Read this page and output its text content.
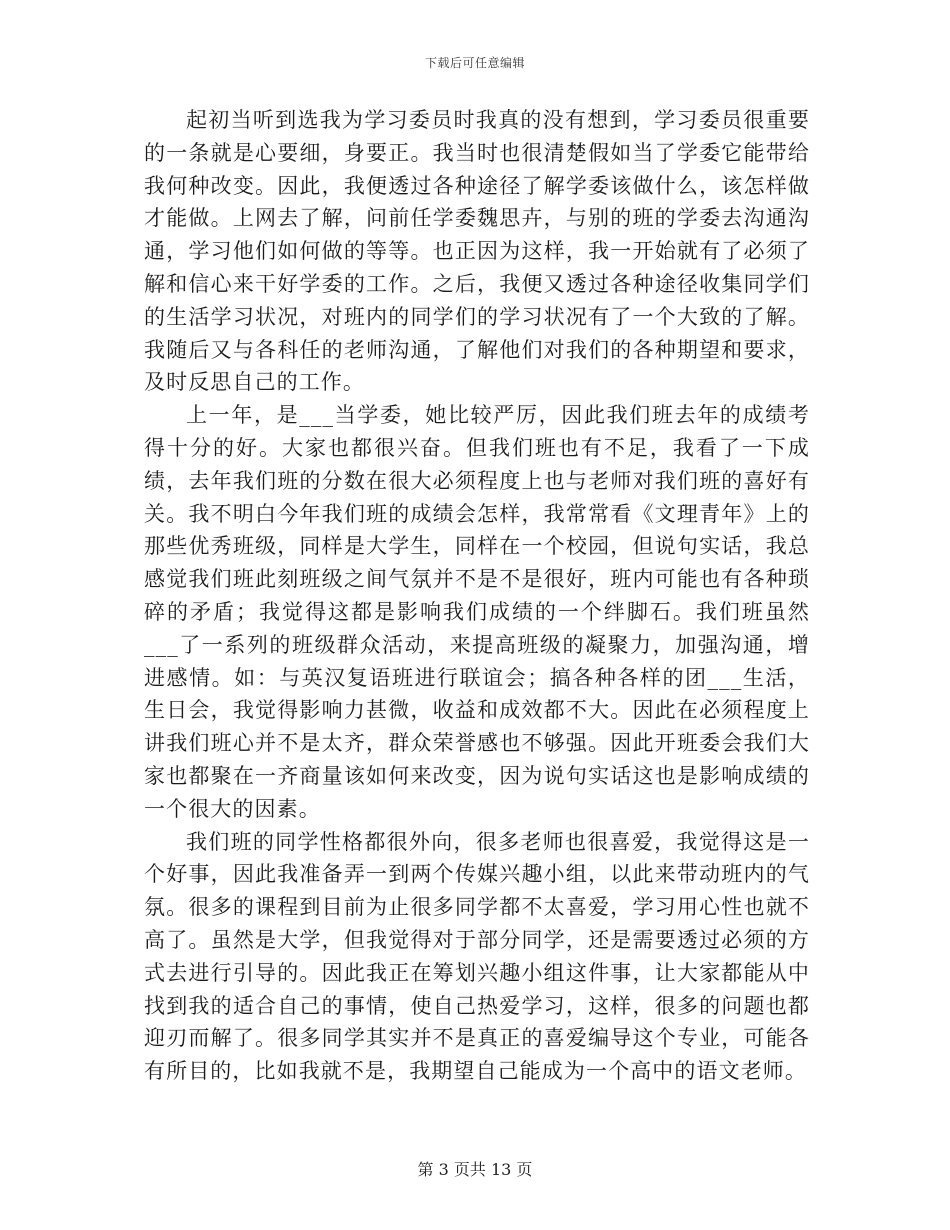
下载后可任意编辑

起初当听到选我为学习委员时我真的没有想到，学习委员很重要的一条就是心要细，身要正。我当时也很清楚假如当了学委它能带给我何种改变。因此，我便透过各种途径了解学委该做什么，该怎样做才能做。上网去了解，问前任学委魏思卉，与别的班的学委去沟通沟通，学习他们如何做的等等。也正因为这样，我一开始就有了必须了解和信心来干好学委的工作。之后，我便又透过各种途径收集同学们的生活学习状况，对班内的同学们的学习状况有了一个大致的了解。我随后又与各科任的老师沟通，了解他们对我们的各种期望和要求，及时反思自己的工作。

上一年，是___当学委，她比较严厉，因此我们班去年的成绩考得十分的好。大家也都很兴奋。但我们班也有不足，我看了一下成绩，去年我们班的分数在很大必须程度上也与老师对我们班的喜好有关。我不明白今年我们班的成绩会怎样，我常常看《文理青年》上的那些优秀班级，同样是大学生，同样在一个校园，但说句实话，我总感觉我们班此刻班级之间气氛并不是不是很好，班内可能也有各种琐碎的矛盾；我觉得这都是影响我们成绩的一个绊脚石。我们班虽然___了一系列的班级群众活动，来提高班级的凝聚力，加强沟通，增进感情。如：与英汉复语班进行联谊会；搞各种各样的团___生活，生日会，我觉得影响力甚微，收益和成效都不大。因此在必须程度上讲我们班心并不是太齐，群众荣誉感也不够强。因此开班委会我们大家也都聚在一齐商量该如何来改变，因为说句实话这也是影响成绩的一个很大的因素。

我们班的同学性格都很外向，很多老师也很喜爱，我觉得这是一个好事，因此我准备弄一到两个传媒兴趣小组，以此来带动班内的气氛。很多的课程到目前为止很多同学都不太喜爱，学习用心性也就不高了。虽然是大学，但我觉得对于部分同学，还是需要透过必须的方式去进行引导的。因此我正在筹划兴趣小组这件事，让大家都能从中找到我的适合自己的事情，使自己热爱学习，这样，很多的问题也都迎刃而解了。很多同学其实并不是真正的喜爱编导这个专业，可能各有所目的，比如我就不是，我期望自己能成为一个高中的语文老师。

第 3 页共 13 页
